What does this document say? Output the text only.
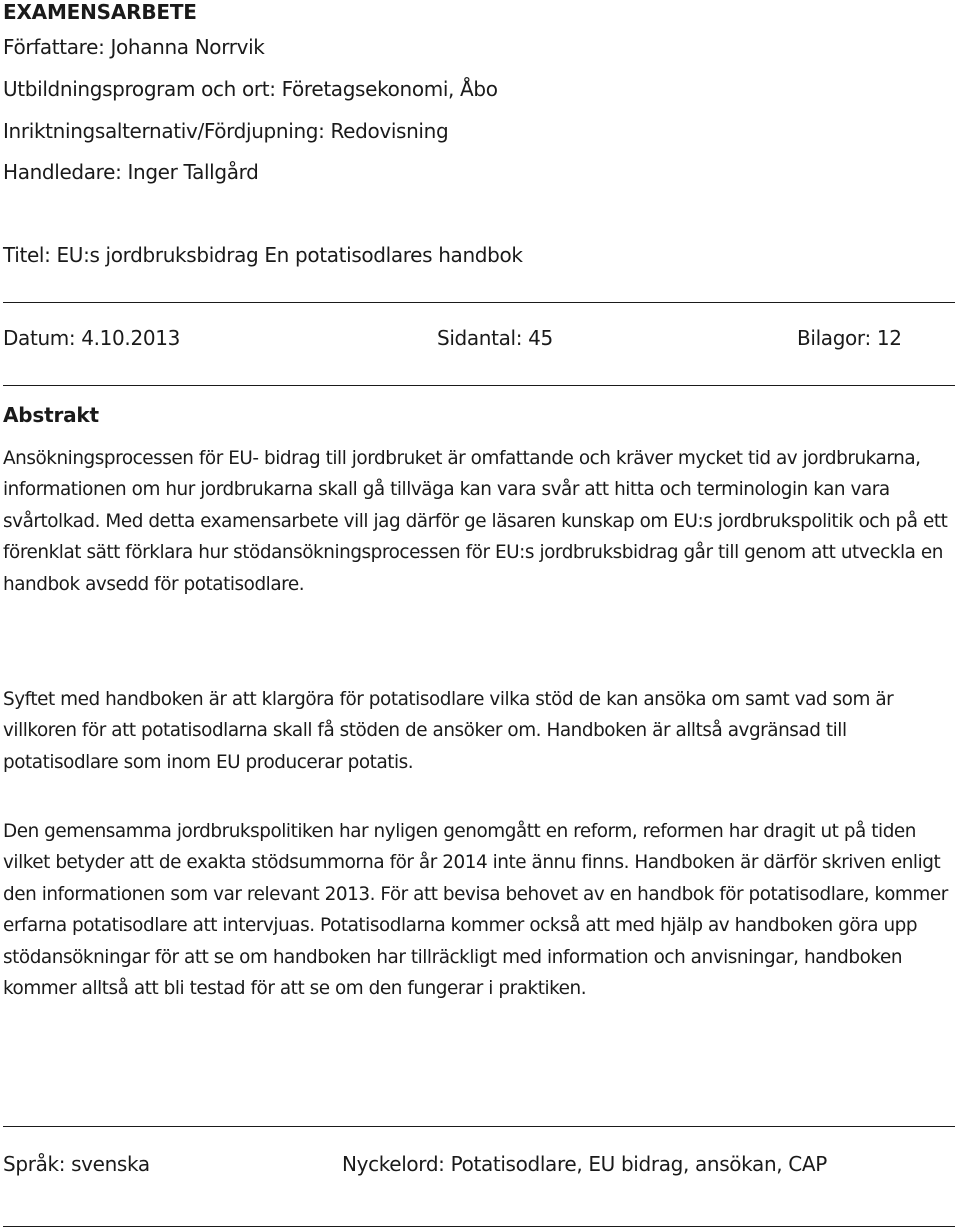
EXAMENSARBETE
Författare: Johanna Norrvik
Utbildningsprogram och ort: Företagsekonomi, Åbo
Inriktningsalternativ/Fördjupning: Redovisning
Handledare: Inger Tallgård
Titel: EU:s jordbruksbidrag En potatisodlares handbok
Datum: 4.10.2013	Sidantal: 45	Bilagor: 12
Abstrakt

Ansökningsprocessen för EU- bidrag till jordbruket är omfattande och kräver mycket tid av jordbrukarna, informationen om hur jordbrukarna skall gå tillväga kan vara svår att hitta och terminologin kan vara svårtolkad. Med detta examensarbete vill jag därför ge läsaren kunskap om EU:s jordbrukspolitik och på ett förenklat sätt förklara hur stödansökningsprocessen för EU:s jordbruksbidrag går till genom att utveckla en handbok avsedd för potatisodlare.

Syftet med handboken är att klargöra för potatisodlare vilka stöd de kan ansöka om samt vad som är villkoren för att potatisodlarna skall få stöden de ansöker om. Handboken är alltså avgränsad till potatisodlare som inom EU producerar potatis.

Den gemensamma jordbrukspolitiken har nyligen genomgått en reform, reformen har dragit ut på tiden vilket betyder att de exakta stödsummorna för år 2014 inte ännu finns. Handboken är därför skriven enligt den informationen som var relevant 2013. För att bevisa behovet av en handbok för potatisodlare, kommer erfarna potatisodlare att intervjuas. Potatisodlarna kommer också att med hjälp av handboken göra upp stödansökningar för att se om handboken har tillräckligt med information och anvisningar, handboken kommer alltså att bli testad för att se om den fungerar i praktiken.

Språk: svenska	Nyckelord: Potatisodlare, EU bidrag, ansökan, CAP
